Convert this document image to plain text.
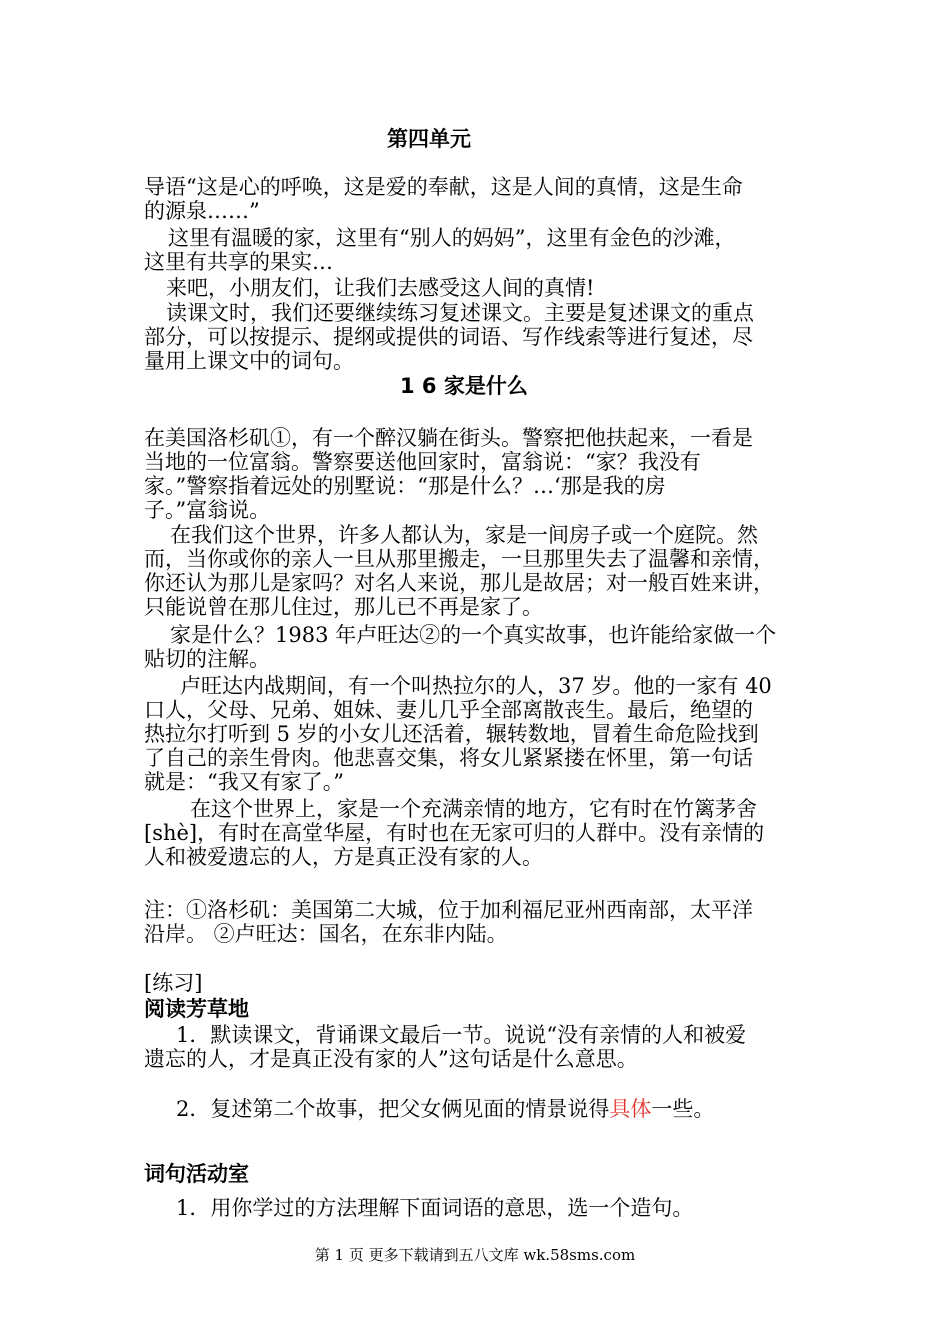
第四单元
导语“这是心的呼唤，这是爱的奉献，这是人间的真情，这是生命
的源泉……”
这里有温暖的家，这里有“别人的妈妈”，这里有金色的沙滩，
这里有共享的果实…
来吧，小朋友们，让我们去感受这人间的真情!
读课文时，我们还要继续练习复述课文。主要是复述课文的重点
部分，可以按提示、提纲或提供的词语、写作线索等进行复述，尽
量用上课文中的词句。
1 6 家是什么
在美国洛杉矶①，有一个醉汉躺在街头。警察把他扶起来，一看是
当地的一位富翁。警察要送他回家时，富翁说：“家？我没有
家。”警察指着远处的别墅说：“那是什么？…‘那是我的房
子。”富翁说。
在我们这个世界，许多人都认为，家是一间房子或一个庭院。然
而，当你或你的亲人一旦从那里搬走，一旦那里失去了温馨和亲情，
你还认为那儿是家吗？对名人来说，那儿是故居；对一般百姓来讲，
只能说曾在那儿住过，那儿已不再是家了。
家是什么？1983 年卢旺达②的一个真实故事，也许能给家做一个
贴切的注解。
卢旺达内战期间，有一个叫热拉尔的人，37 岁。他的一家有 40
口人，父母、兄弟、姐妹、妻儿几乎全部离散丧生。最后，绝望的
热拉尔打听到 5 岁的小女儿还活着，辗转数地，冒着生命危险找到
了自己的亲生骨肉。他悲喜交集，将女儿紧紧搂在怀里，第一句话
就是：“我又有家了。”
在这个世界上，家是一个充满亲情的地方，它有时在竹篱茅舍
[shè]，有时在高堂华屋，有时也在无家可归的人群中。没有亲情的
人和被爱遗忘的人，方是真正没有家的人。
注：①洛杉矶：美国第二大城，位于加利福尼亚州西南部，太平洋
沿岸。 ②卢旺达：国名，在东非内陆。
[练习]
阅读芳草地
1．默读课文，背诵课文最后一节。说说“没有亲情的人和被爱
遗忘的人，才是真正没有家的人”这句话是什么意思。
2．复述第二个故事，把父女俩见面的情景说得具体一些。
词句活动室
1．用你学过的方法理解下面词语的意思，选一个造句。
第 1 页 更多下载请到五八文库 wk.58sms.com
